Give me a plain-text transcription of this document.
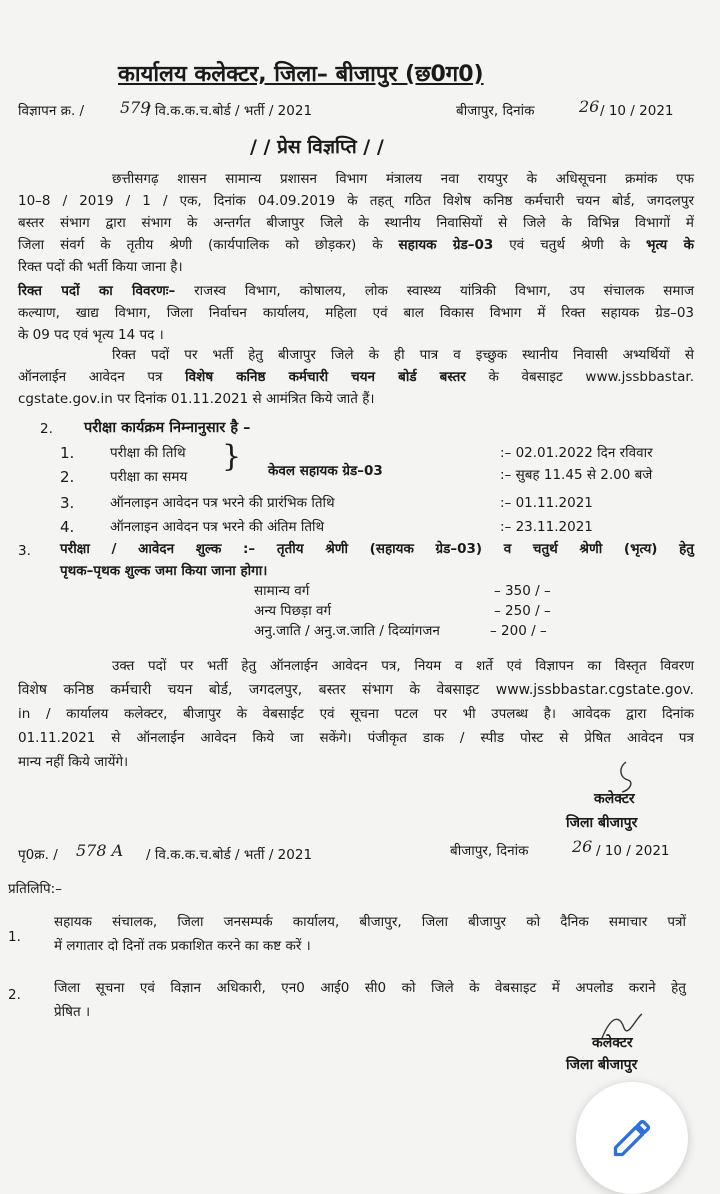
कार्यालय कलेक्टर, जिला– बीजापुर (छ0ग0)
विज्ञापन क्र. / 579
/ वि.क.क.च.बोर्ड / भर्ती / 2021	बीजापुर, दिनांक	26 / 10 / 2021
/ / प्रेस विज्ञप्ति / /
छत्तीसगढ़ शासन सामान्य प्रशासन विभाग मंत्रालय नवा रायपुर के अधिसूचना क्रमांक एफ
10–8 / 2019 / 1 / एक, दिनांक 04.09.2019 के तहत् गठित विशेष कनिष्ठ कर्मचारी चयन बोर्ड, जगदलपुर
बस्तर संभाग द्वारा संभाग के अन्तर्गत बीजापुर जिले के स्थानीय निवासियों से जिले के विभिन्न विभागों में
जिला संवर्ग के तृतीय श्रेणी (कार्यपालिक को छोड़कर) के सहायक ग्रेड–03 एवं चतुर्थ श्रेणी के भृत्य के
रिक्त पदों की भर्ती किया जाना है।
रिक्त पदों का विवरणः– राजस्व विभाग, कोषालय, लोक स्वास्थ्य यांत्रिकी विभाग, उप संचालक समाज
कल्याण, खाद्य विभाग, जिला निर्वाचन कार्यालय, महिला एवं बाल विकास विभाग में रिक्त सहायक ग्रेड–03
के 09 पद एवं भृत्य 14 पद ।
रिक्त पदों पर भर्ती हेतु बीजापुर जिले के ही पात्र व इच्छुक स्थानीय निवासी अभ्यर्थियों से
ऑनलाईन आवेदन पत्र विशेष कनिष्ठ कर्मचारी चयन बोर्ड बस्तर के वेबसाइट www.jssbbastar.
cgstate.gov.in पर दिनांक 01.11.2021 से आमंत्रित किये जाते हैं।
2. परीक्षा कार्यक्रम निम्नानुसार है –
1.	परीक्षा की तिथि	:– 02.01.2022 दिन रविवार
2.	परीक्षा का समय	:– सुबह 11.45 से 2.00 बजे
} केवल सहायक ग्रेड–03
3.	ऑनलाइन आवेदन पत्र भरने की प्रारंभिक तिथि	:– 01.11.2021
4.	ऑनलाइन आवेदन पत्र भरने की अंतिम तिथि	:– 23.11.2021
3. परीक्षा / आवेदन शुल्क :– तृतीय श्रेणी (सहायक ग्रेड–03) व चतुर्थ श्रेणी (भृत्य) हेतु
पृथक–पृथक शुल्क जमा किया जाना होगा।
सामान्य वर्ग	– 350 / –
अन्य पिछड़ा वर्ग	– 250 / –
अनु.जाति / अनु.ज.जाति / दिव्यांगजन	– 200 / –
उक्त पदों पर भर्ती हेतु ऑनलाईन आवेदन पत्र, नियम व शर्ते एवं विज्ञापन का विस्तृत विवरण
विशेष कनिष्ठ कर्मचारी चयन बोर्ड, जगदलपुर, बस्तर संभाग के वेबसाइट www.jssbbastar.cgstate.gov.
in / कार्यालय कलेक्टर, बीजापुर के वेबसाईट एवं सूचना पटल पर भी उपलब्ध है। आवेदक द्वारा दिनांक
01.11.2021 से ऑनलाईन आवेदन किये जा सकेंगे। पंजीकृत डाक / स्पीड पोस्ट से प्रेषित आवेदन पत्र
मान्य नहीं किये जायेंगे।
कलेक्टर
जिला बीजापुर
पृ0क्र. / 578 A / वि.क.क.च.बोर्ड / भर्ती / 2021	बीजापुर, दिनांक	26 / 10 / 2021
प्रतिलिपि:–
1.
सहायक संचालक, जिला जनसम्पर्क कार्यालय, बीजापुर, जिला बीजापुर को दैनिक समाचार पत्रों
में लगातार दो दिनों तक प्रकाशित करने का कष्ट करें ।
2. जिला सूचना एवं विज्ञान अधिकारी, एन0 आई0 सी0 को जिले के वेबसाइट में अपलोड कराने हेतु
प्रेषित ।
कलेक्टर
जिला बीजापुर
